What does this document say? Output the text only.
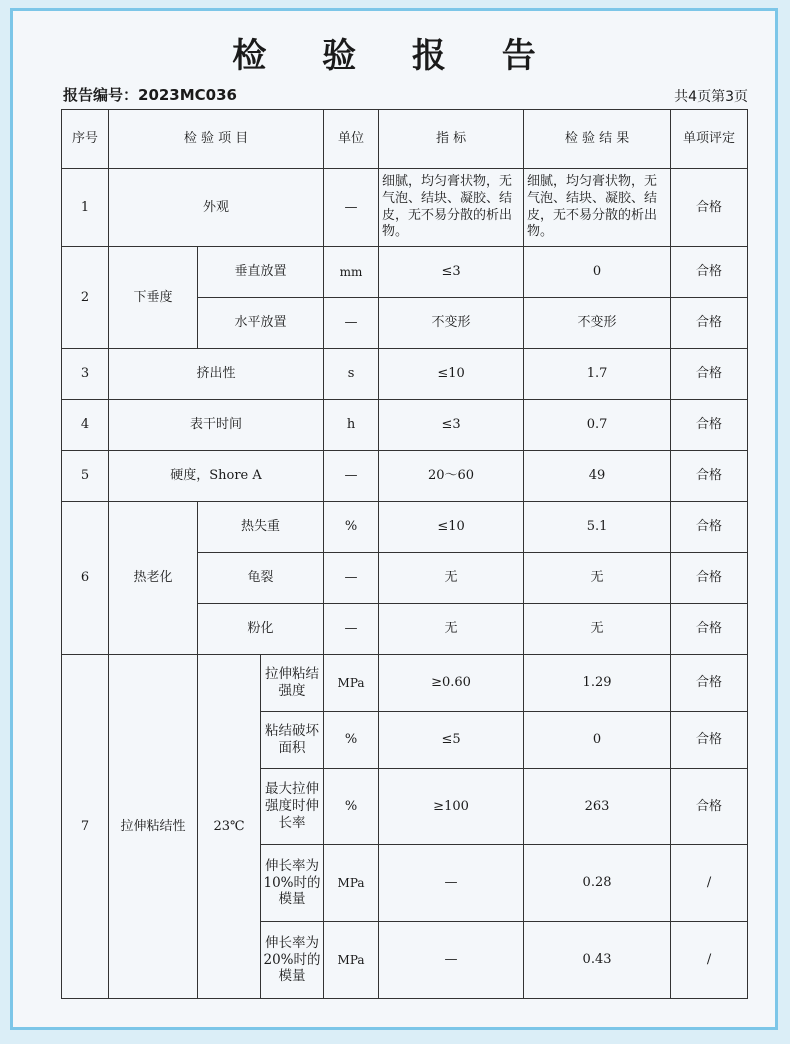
检 验 报 告
报告编号：2023MC036	共4页第3页
序号	检 验 项 目			单位	指 标	检 验 结 果	单项评定
1	外观			—	细腻，均匀膏状物，无气泡、结块、凝胶、结皮，无不易分散的析出物。	细腻，均匀膏状物，无气泡、结块、凝胶、结皮，无不易分散的析出物。	合格
2	下垂度	垂直放置		mm	≤3	0	合格
		水平放置		—	不变形	不变形	合格
3	挤出性			s	≤10	1.7	合格
4	表干时间			h	≤3	0.7	合格
5	硬度，Shore A			—	20～60	49	合格
6	热老化	热失重		%	≤10	5.1	合格
		龟裂		—	无	无	合格
		粉化		—	无	无	合格
7	拉伸粘结性	23℃	拉伸粘结强度	MPa	≥0.60	1.29	合格
			粘结破坏面积	%	≤5	0	合格
			最大拉伸强度时伸长率	%	≥100	263	合格
			伸长率为10%时的模量	MPa	—	0.28	/
			伸长率为20%时的模量	MPa	—	0.43	/
